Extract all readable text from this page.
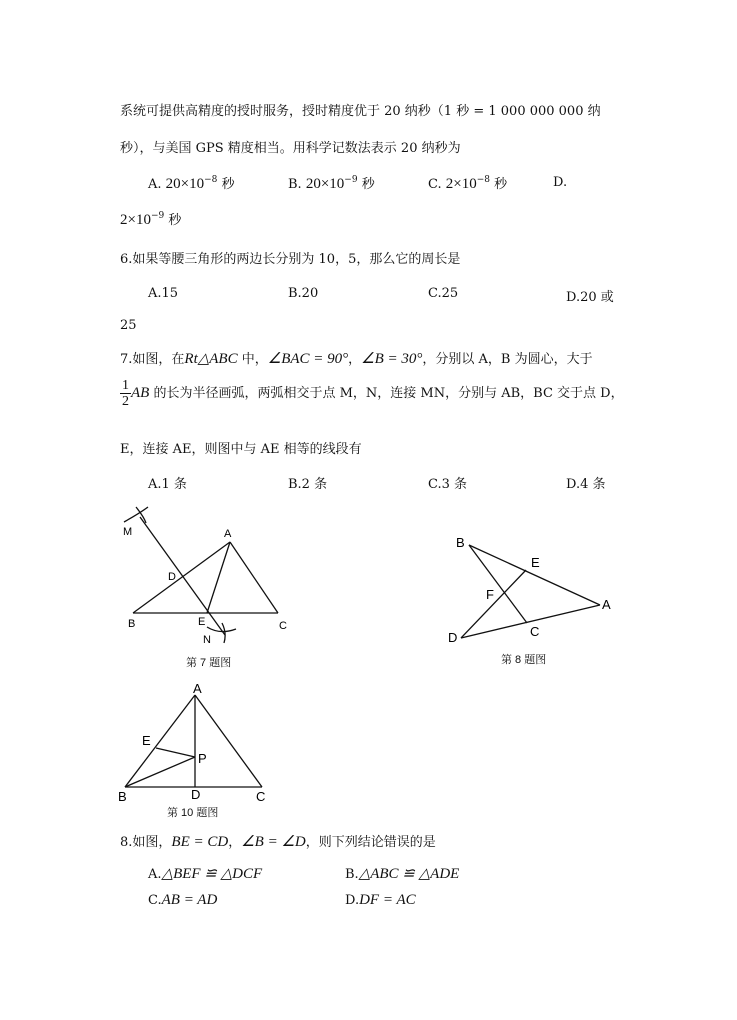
系统可提供高精度的授时服务，授时精度优于 20 纳秒（1 秒 = 1 000 000 000 纳
秒），与美国 GPS 精度相当。用科学记数法表示 20 纳秒为
A. $20\times 10^{-8}$ 秒	B. $20\times 10^{-9}$ 秒	C. $2\times 10^{-8}$ 秒	D.
$2\times 10^{-9}$ 秒
6.如果等腰三角形的两边长分别为 10，5，那么它的周长是
A.15	B.20	C.25	D.20 或
25
7.如图，在Rt△ABC 中，∠BAC = 90°，∠B = 30°，分别以 A，B 为圆心，大于
$\frac{1}{2}$ AB 的长为半径画弧，两弧相交于点 M，N，连接 MN，分别与 AB，BC 交于点 D，
E，连接 AE，则图中与 AE 相等的线段有
A.1 条	B.2 条	C.3 条	D.4 条
A
B	C
D
E
M
N
第 7 题图
B
E
F
A
C
D
第 8 题图
A
E
P
B	D	C
第 10 题图
8.如图，BE = CD，∠B = ∠D，则下列结论错误的是
A.△BEF ≌ △DCF	B.△ABC ≌ △ADE
C.AB = AD	D.DF = AC
